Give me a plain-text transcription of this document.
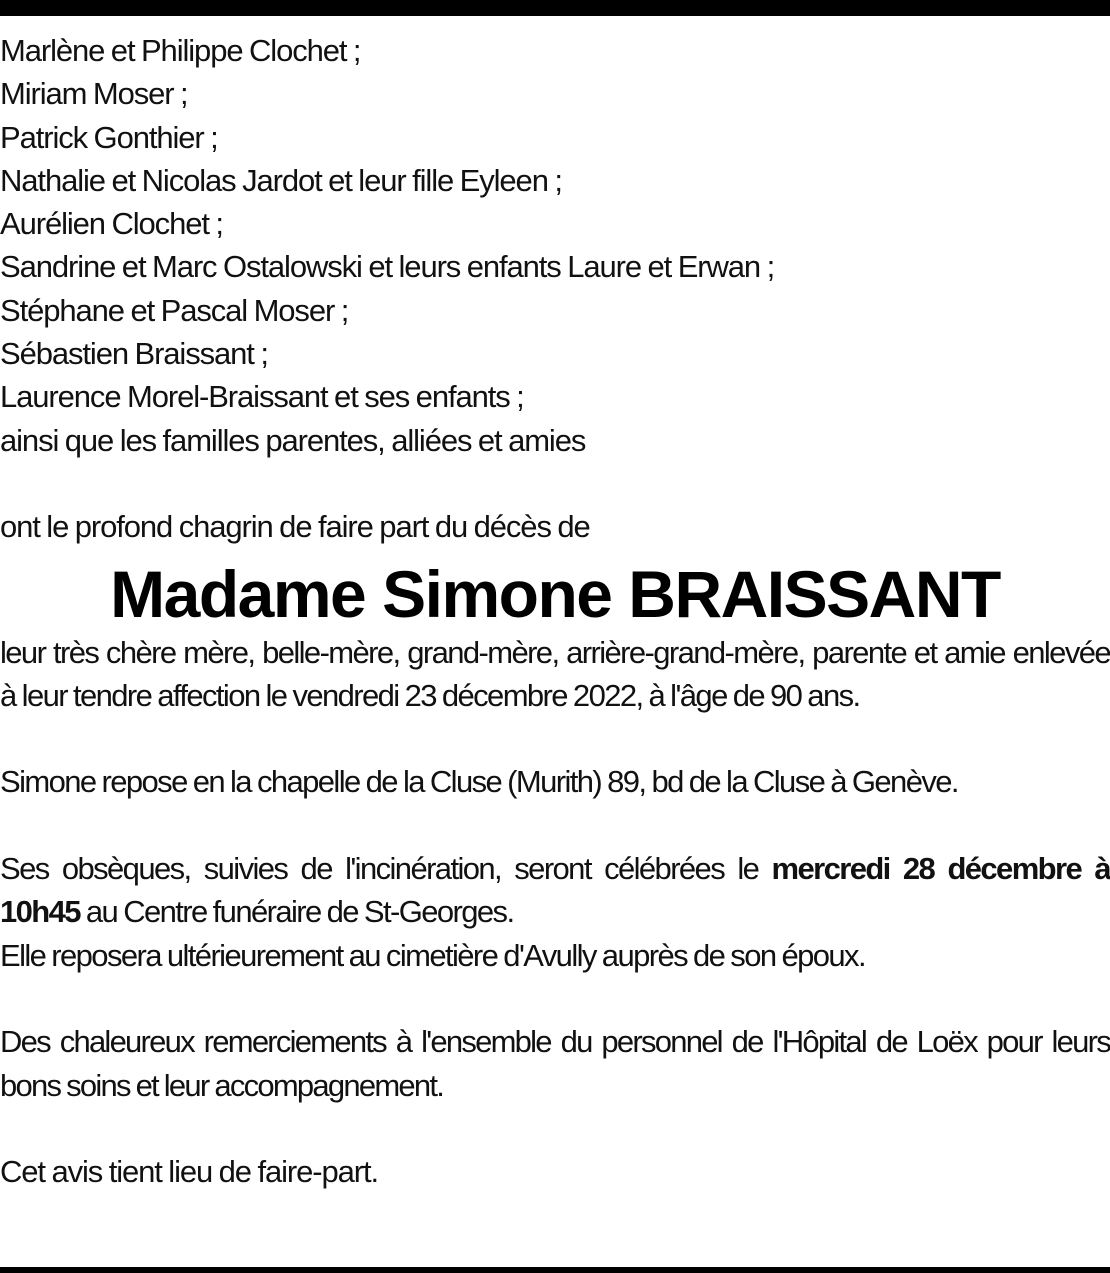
Marlène et Philippe Clochet ;
Miriam Moser ;
Patrick Gonthier ;
Nathalie et Nicolas Jardot et leur fille Eyleen ;
Aurélien Clochet ;
Sandrine et Marc Ostalowski et leurs enfants Laure et Erwan ;
Stéphane et Pascal Moser ;
Sébastien Braissant ;
Laurence Morel-Braissant et ses enfants ;
ainsi que les familles parentes, alliées et amies
ont le profond chagrin de faire part du décès de
Madame Simone BRAISSANT
leur très chère mère, belle-mère, grand-mère, arrière-grand-mère, parente et amie enlevée à leur tendre affection le vendredi 23 décembre 2022, à l'âge de 90 ans.
Simone repose en la chapelle de la Cluse (Murith) 89, bd de la Cluse à Genève.
Ses obsèques, suivies de l'incinération, seront célébrées le mercredi 28 décembre à 10h45 au Centre funéraire de St-Georges.
Elle reposera ultérieurement au cimetière d'Avully auprès de son époux.
Des chaleureux remerciements à l'ensemble du personnel de l'Hôpital de Loëx pour leurs bons soins et leur accompagnement.
Cet avis tient lieu de faire-part.
